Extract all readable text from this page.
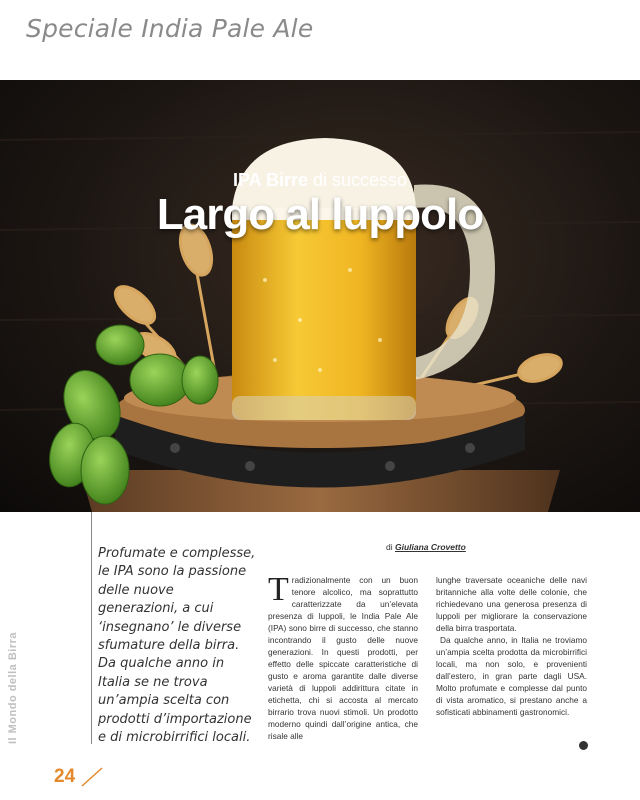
Speciale India Pale Ale
IPA Birre di successo
Largo al luppolo
Il Mondo della Birra
24
Profumate e complesse, le IPA sono la passione delle nuove generazioni, a cui ‘insegnano’ le diverse sfumature della birra. Da qualche anno in Italia se ne trova un’ampia scelta con prodotti d’importazione e di microbirrifici locali.
di Giuliana Crovetto

Tradizionalmente con un buon tenore alcolico, ma soprattutto caratterizzate da un’elevata presenza di luppoli, le India Pale Ale (IPA) sono birre di successo, che stanno incontrando il gusto delle nuove generazioni. In questi prodotti, per effetto delle spiccate caratteristiche di gusto e aroma garantite dalle diverse varietà di luppoli addirittura citate in etichetta, chi si accosta al mercato birrario trova nuovi stimoli. Un prodotto moderno quindi dall’origine antica, che risale alle

lunghe traversate oceaniche delle navi britanniche alla volte delle colonie, che richiedevano una generosa presenza di luppoli per migliorare la conservazione della birra trasportata.

Da qualche anno, in Italia ne troviamo un’ampia scelta prodotta da microbirrifici locali, ma non solo, e provenienti dall’estero, in gran parte dagli USA. Molto profumate e complesse dal punto di vista aromatico, si prestano anche a sofisticati abbinamenti gastronomici.
